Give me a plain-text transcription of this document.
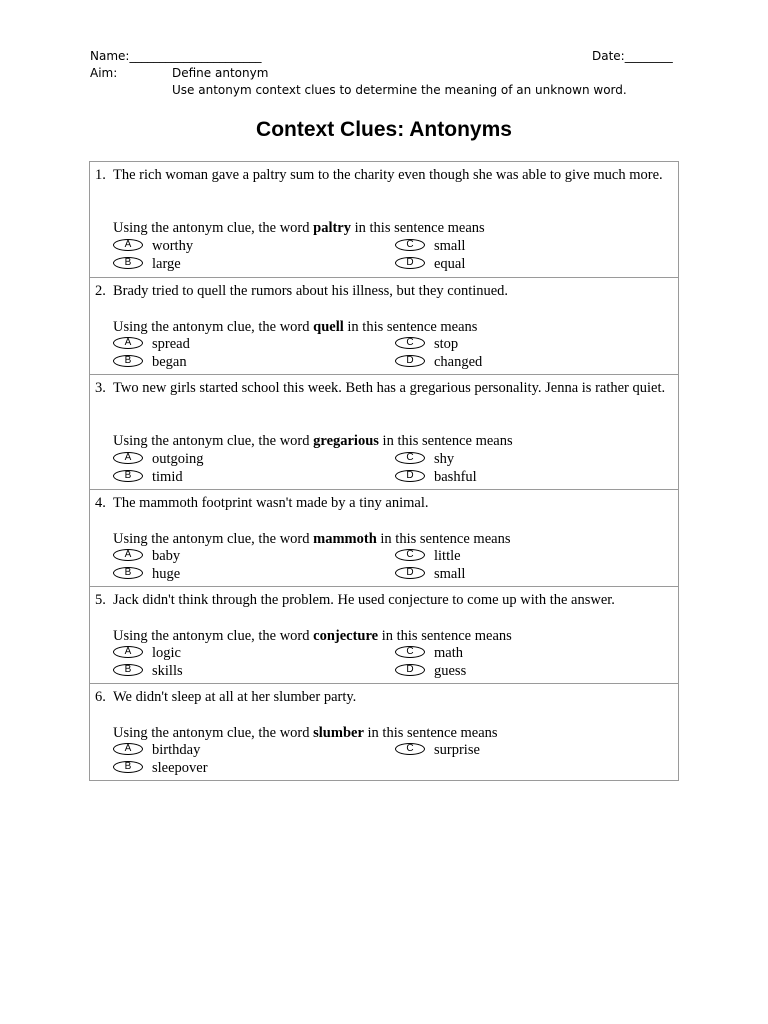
Name:______________________	Date:________
Aim:	Define antonym
Use antonym context clues to determine the meaning of an unknown word.
Context Clues: Antonyms
1. The rich woman gave a paltry sum to the charity even though she was able to give much more.
Using the antonym clue, the word paltry in this sentence means
A	worthy
B	large
C	small
D	equal
2. Brady tried to quell the rumors about his illness, but they continued.
Using the antonym clue, the word quell in this sentence means
A	spread
B	began
C	stop
D	changed
3. Two new girls started school this week. Beth has a gregarious personality. Jenna is rather quiet.
Using the antonym clue, the word gregarious in this sentence means
A	outgoing
B	timid
C	shy
D	bashful
4. The mammoth footprint wasn't made by a tiny animal.
Using the antonym clue, the word mammoth in this sentence means
A	baby
B	huge
C	little
D	small
5. Jack didn't think through the problem. He used conjecture to come up with the answer.
Using the antonym clue, the word conjecture in this sentence means
A	logic
B	skills
C	math
D	guess
6. We didn't sleep at all at her slumber party.
Using the antonym clue, the word slumber in this sentence means
A	birthday
B	sleepover
C	surprise
